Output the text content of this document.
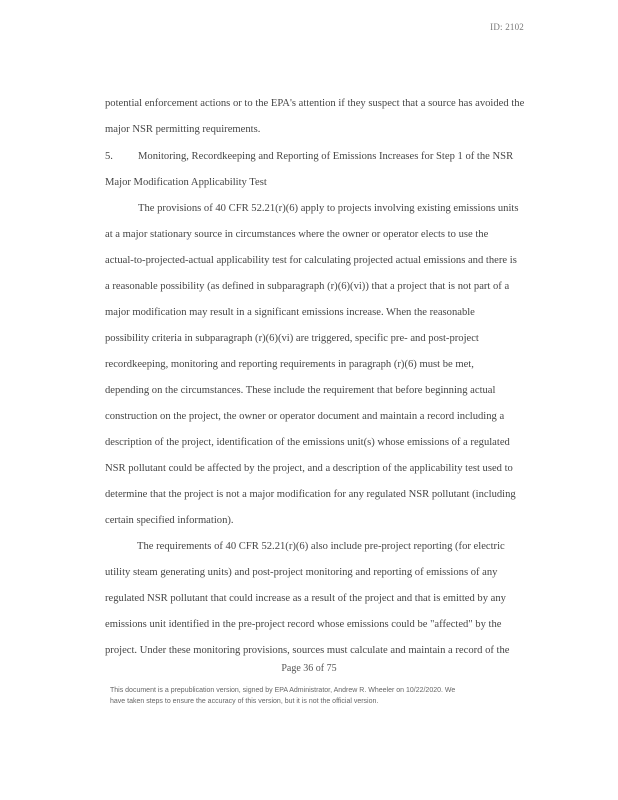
ID: 2102
potential enforcement actions or to the EPA's attention if they suspect that a source has avoided the
major NSR permitting requirements.
5. Monitoring, Recordkeeping and Reporting of Emissions Increases for Step 1 of the NSR
Major Modification Applicability Test
The provisions of 40 CFR 52.21(r)(6) apply to projects involving existing emissions units
at a major stationary source in circumstances where the owner or operator elects to use the
actual-to-projected-actual applicability test for calculating projected actual emissions and there is
a reasonable possibility (as defined in subparagraph (r)(6)(vi)) that a project that is not part of a
major modification may result in a significant emissions increase. When the reasonable
possibility criteria in subparagraph (r)(6)(vi) are triggered, specific pre- and post-project
recordkeeping, monitoring and reporting requirements in paragraph (r)(6) must be met,
depending on the circumstances. These include the requirement that before beginning actual
construction on the project, the owner or operator document and maintain a record including a
description of the project, identification of the emissions unit(s) whose emissions of a regulated
NSR pollutant could be affected by the project, and a description of the applicability test used to
determine that the project is not a major modification for any regulated NSR pollutant (including
certain specified information).
The requirements of 40 CFR 52.21(r)(6) also include pre-project reporting (for electric
utility steam generating units) and post-project monitoring and reporting of emissions of any
regulated NSR pollutant that could increase as a result of the project and that is emitted by any
emissions unit identified in the pre-project record whose emissions could be "affected" by the
project. Under these monitoring provisions, sources must calculate and maintain a record of the
Page 36 of 75
This document is a prepublication version, signed by EPA Administrator, Andrew R. Wheeler on 10/22/2020. We
have taken steps to ensure the accuracy of this version, but it is not the official version.
